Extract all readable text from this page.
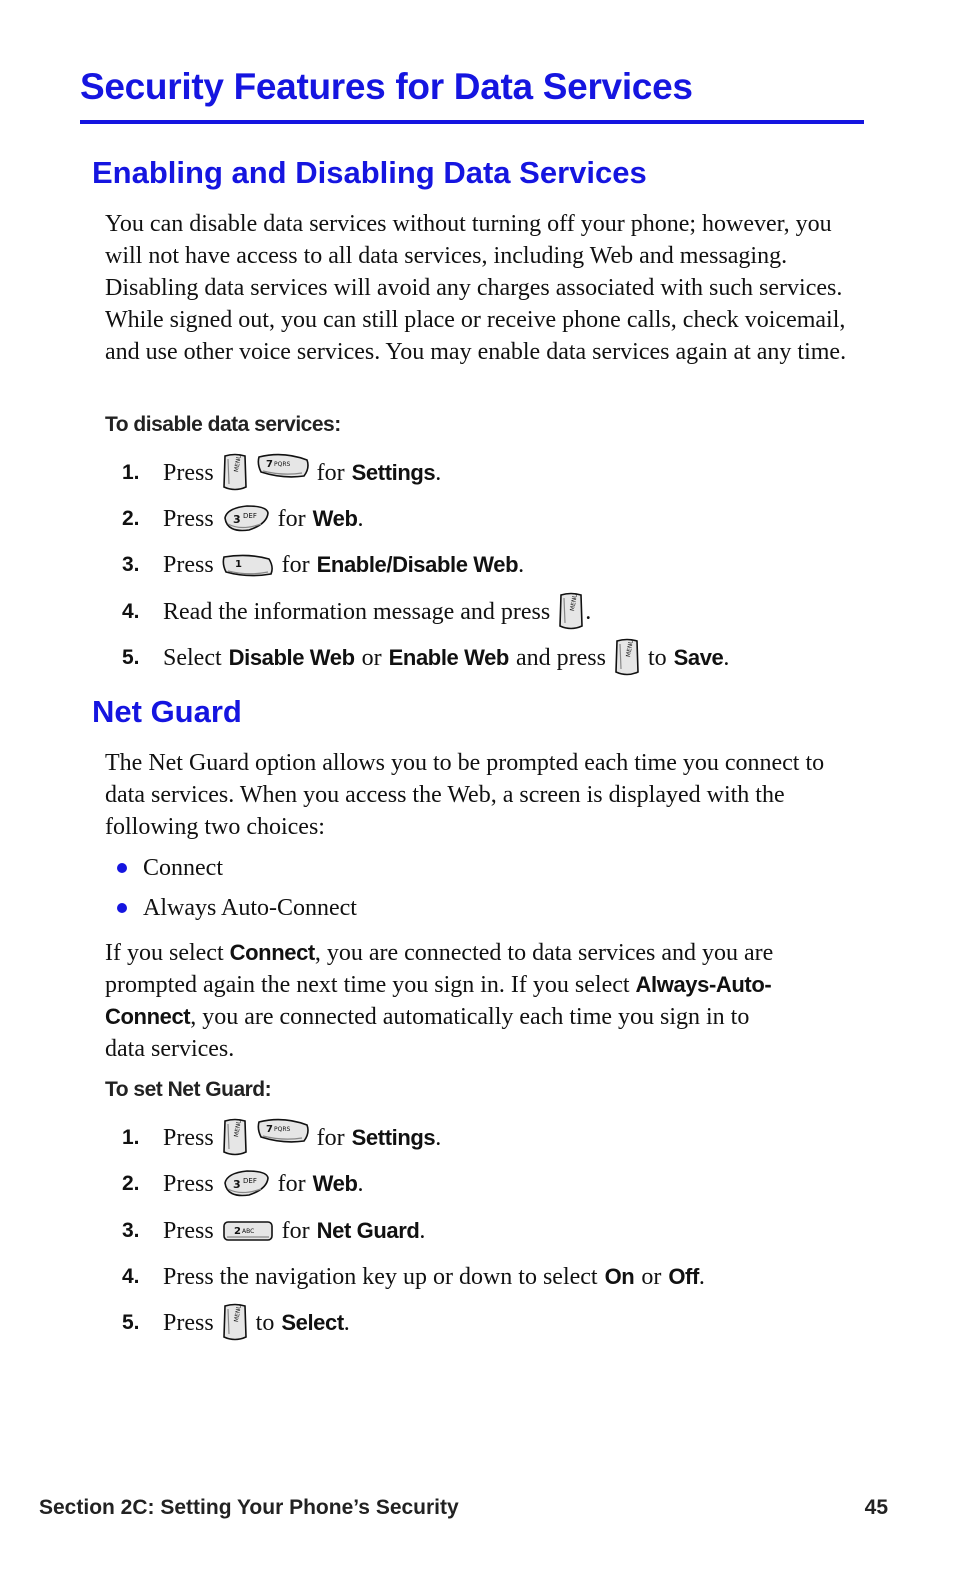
Security Features for Data Services
Enabling and Disabling Data Services

You can disable data services without turning off your phone; however, you will not have access to all data services, including Web and messaging. Disabling data services will avoid any charges associated with such services. While signed out, you can still place or receive phone calls, check voicemail, and use other voice services. You may enable data services again at any time.

To disable data services:
1. Press	for Settings .
2. Press	for Web .
3. Press	for Enable/Disable Web .
4. Read the information message and press .
5. Select Disable Web or Enable Web and press to Save .
Net Guard

The Net Guard option allows you to be prompted each time you connect to data services. When you access the Web, a screen is displayed with the following two choices:

Connect
Always Auto-Connect
If you select Connect, you are connected to data services and you are
prompted again the next time you sign in. If you select Always-Auto-
Connect, you are connected automatically each time you sign in to
data services.
To set Net Guard:
1. Press	for Settings .
2. Press	for Web .
3. Press	for Net Guard .
4. Press the navigation key up or down to select On or Off .
5. Press to Select .
Section 2C: Setting Your Phone’s Security	45
